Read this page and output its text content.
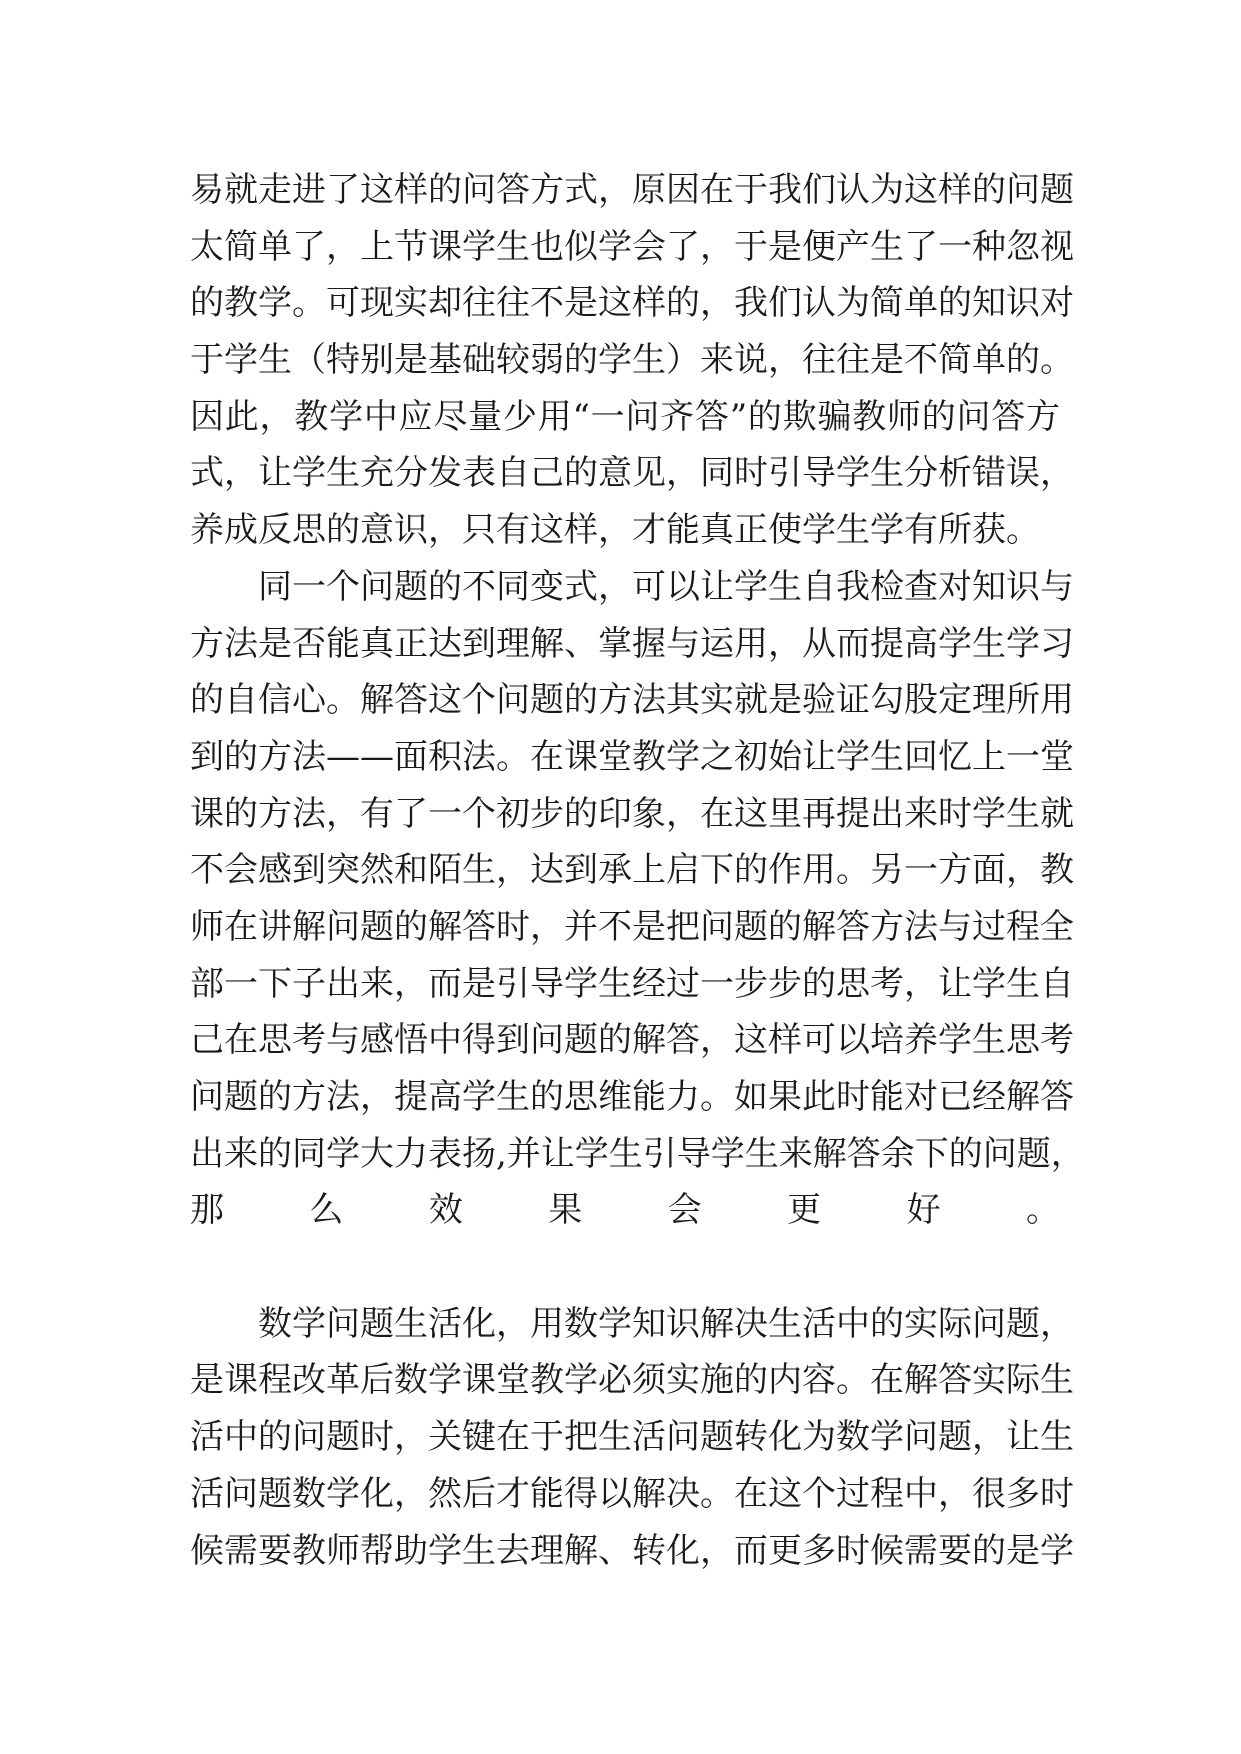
易就走进了这样的问答方式，原因在于我们认为这样的问题
太简单了，上节课学生也似学会了，于是便产生了一种忽视
的教学。可现实却往往不是这样的，我们认为简单的知识对
于学生（特别是基础较弱的学生）来说，往往是不简单的。
因此，教学中应尽量少用“一问齐答”的欺骗教师的问答方
式，让学生充分发表自己的意见，同时引导学生分析错误，
养成反思的意识，只有这样，才能真正使学生学有所获。
　　同一个问题的不同变式，可以让学生自我检查对知识与
方法是否能真正达到理解、掌握与运用，从而提高学生学习
的自信心。解答这个问题的方法其实就是验证勾股定理所用
到的方法——面积法。在课堂教学之初始让学生回忆上一堂
课的方法，有了一个初步的印象，在这里再提出来时学生就
不会感到突然和陌生，达到承上启下的作用。另一方面，教
师在讲解问题的解答时，并不是把问题的解答方法与过程全
部一下子出来，而是引导学生经过一步步的思考，让学生自
己在思考与感悟中得到问题的解答，这样可以培养学生思考
问题的方法，提高学生的思维能力。如果此时能对已经解答
出来的同学大力表扬,并让学生引导学生来解答余下的问题，
那么效果会更好。
　　数学问题生活化，用数学知识解决生活中的实际问题，
是课程改革后数学课堂教学必须实施的内容。在解答实际生
活中的问题时，关键在于把生活问题转化为数学问题，让生
活问题数学化，然后才能得以解决。在这个过程中，很多时
候需要教师帮助学生去理解、转化，而更多时候需要的是学
